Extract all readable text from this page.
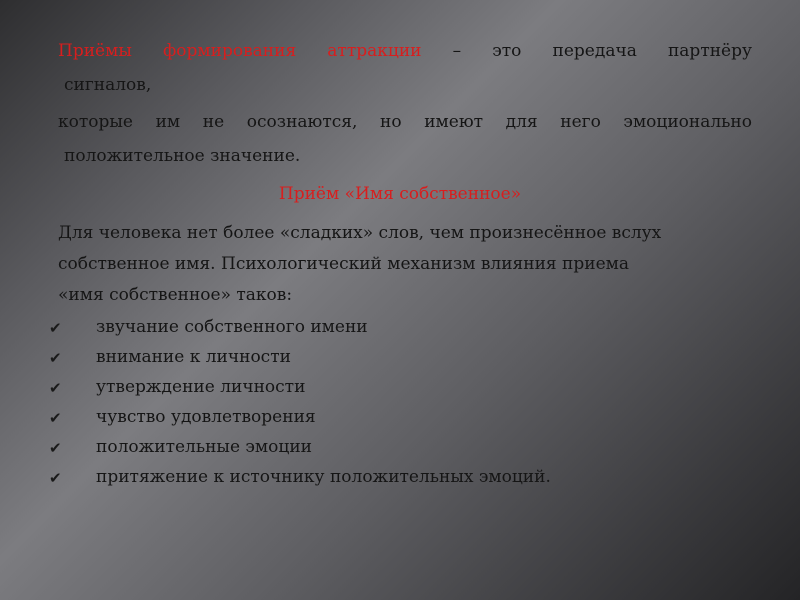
Приёмы формирования аттракции – это передача партнёру
сигналов,
которые им не осознаются, но имеют для него эмоционально
положительное значение.
Приём «Имя собственное»
Для человека нет более «сладких» слов, чем произнесённое вслух
собственное имя. Психологический механизм влияния приема
«имя собственное» таков:
✔ звучание собственного имени
✔ внимание к личности
✔ утверждение личности
✔ чувство удовлетворения
✔ положительные эмоции
✔ притяжение к источнику положительных эмоций.
